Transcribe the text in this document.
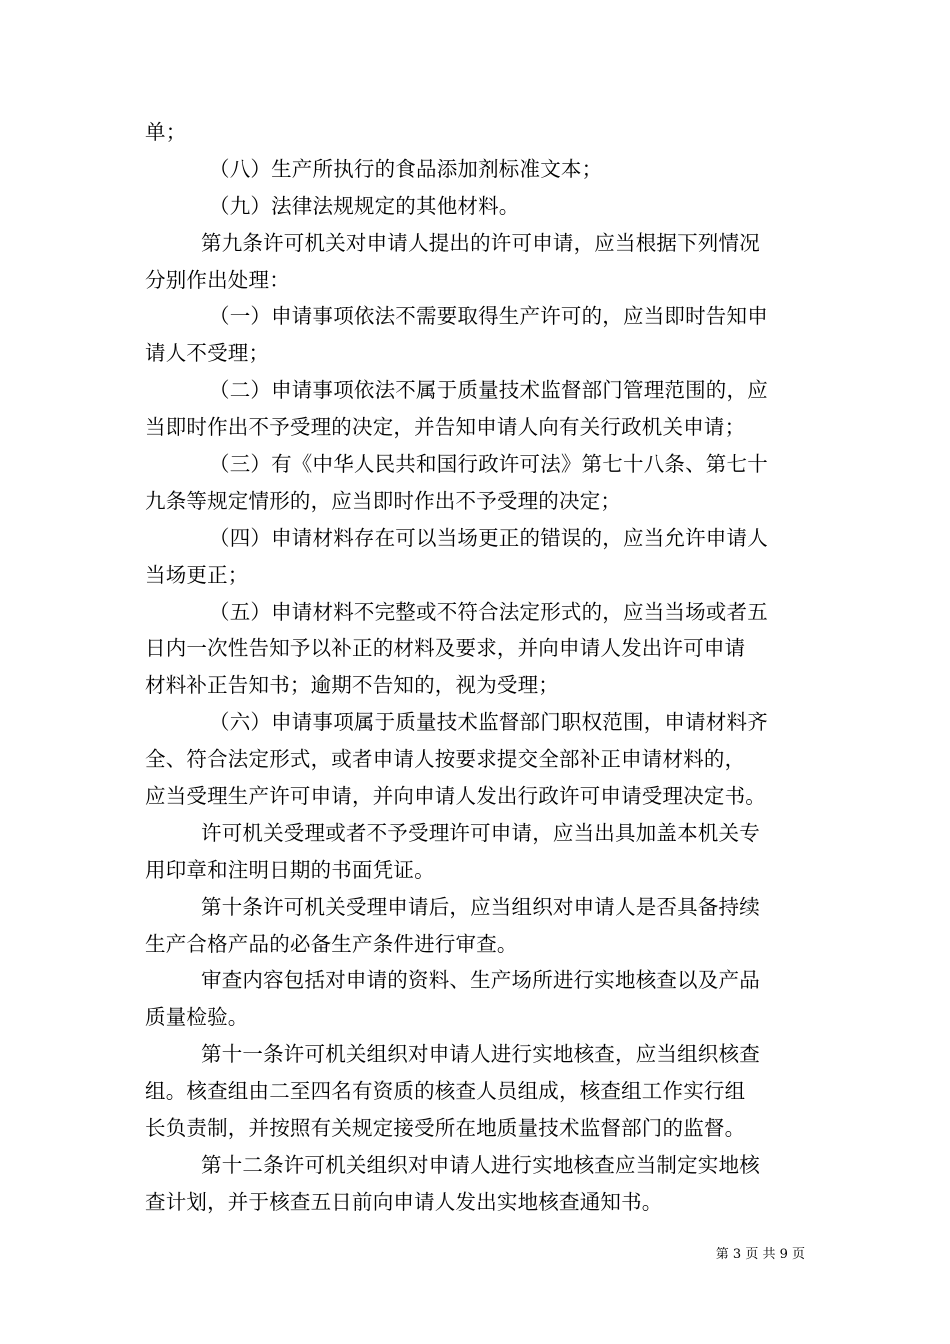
单；
（八）生产所执行的食品添加剂标准文本；
（九）法律法规规定的其他材料。
第九条许可机关对申请人提出的许可申请，应当根据下列情况
分别作出处理：
（一）申请事项依法不需要取得生产许可的，应当即时告知申
请人不受理；
（二）申请事项依法不属于质量技术监督部门管理范围的，应
当即时作出不予受理的决定，并告知申请人向有关行政机关申请；
（三）有《中华人民共和国行政许可法》第七十八条、第七十
九条等规定情形的，应当即时作出不予受理的决定；
（四）申请材料存在可以当场更正的错误的，应当允许申请人
当场更正；
（五）申请材料不完整或不符合法定形式的，应当当场或者五
日内一次性告知予以补正的材料及要求，并向申请人发出许可申请
材料补正告知书；逾期不告知的，视为受理；
（六）申请事项属于质量技术监督部门职权范围，申请材料齐
全、符合法定形式，或者申请人按要求提交全部补正申请材料的，
应当受理生产许可申请，并向申请人发出行政许可申请受理决定书。
许可机关受理或者不予受理许可申请，应当出具加盖本机关专
用印章和注明日期的书面凭证。
第十条许可机关受理申请后，应当组织对申请人是否具备持续
生产合格产品的必备生产条件进行审查。
审查内容包括对申请的资料、生产场所进行实地核查以及产品
质量检验。
第十一条许可机关组织对申请人进行实地核查，应当组织核查
组。核查组由二至四名有资质的核查人员组成，核查组工作实行组
长负责制，并按照有关规定接受所在地质量技术监督部门的监督。
第十二条许可机关组织对申请人进行实地核查应当制定实地核
查计划，并于核查五日前向申请人发出实地核查通知书。
第 3 页 共 9 页
